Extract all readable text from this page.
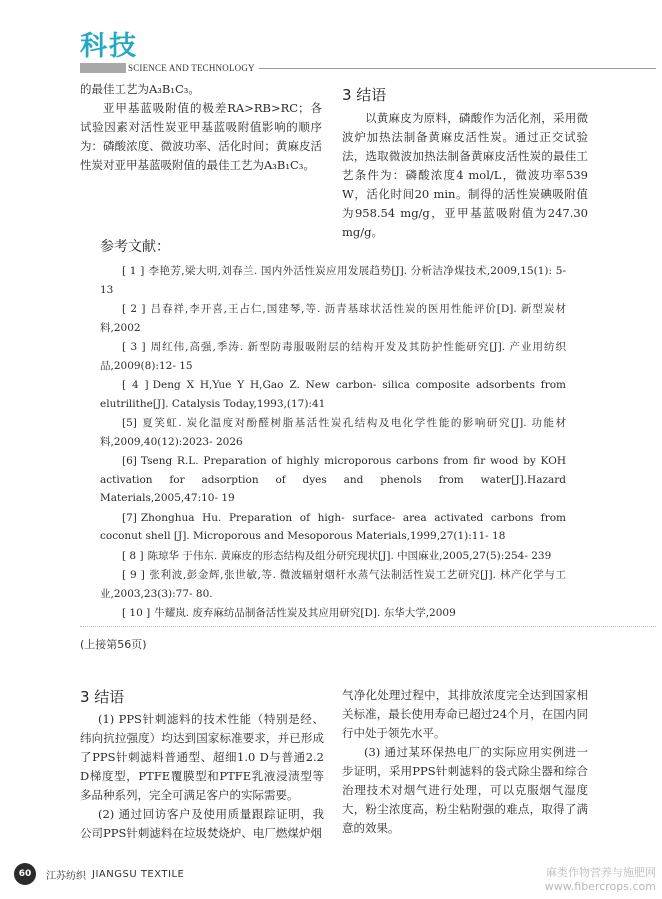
科技
SCIENCE AND TECHNOLOGY

的最佳工艺为A₃B₁C₃。

亚甲基蓝吸附值的极差RA>RB>RC；各试验因素对活性炭亚甲基蓝吸附值影响的顺序为：磷酸浓度、微波功率、活化时间；黄麻皮活性炭对亚甲基蓝吸附值的最佳工艺为A₃B₁C₃。

3 结语

以黄麻皮为原料，磷酸作为活化剂，采用微波炉加热法制备黄麻皮活性炭。通过正交试验法，选取微波加热法制备黄麻皮活性炭的最佳工艺条件为：磷酸浓度4 mol/L，微波功率539 W，活化时间20 min。制得的活性炭碘吸附值为958.54 mg/g，亚甲基蓝吸附值为247.30 mg/g。

参考文献：
[ 1 ] 李艳芳,梁大明,刘春兰. 国内外活性炭应用发展趋势[J]. 分析洁净煤技术,2009,15(1): 5- 13
[ 2 ] 吕春祥,李开喜,王占仁,国建琴,等. 沥青基球状活性炭的医用性能评价[D]. 新型炭材料,2002
[ 3 ] 周红伟,高强,季涛. 新型防毒服吸附层的结构开发及其防护性能研究[J]. 产业用纺织品,2009(8):12- 15
[ 4 ] Deng X H,Yue Y H,Gao Z. New carbon- silica composite adsorbents from elutrilithe[J]. Catalysis Today,1993,(17):41
[5] 夏笑虹. 炭化温度对酚醛树脂基活性炭孔结构及电化学性能的影响研究[J]. 功能材料,2009,40(12):2023- 2026
[6] Tseng R.L. Preparation of highly microporous carbons from fir wood by KOH activation for adsorption of dyes and phenols from water[J].Hazard Materials,2005,47:10- 19
[7] Zhonghua Hu. Preparation of high- surface- area activated carbons from coconut shell [J]. Microporous and Mesoporous Materials,1999,27(1):11- 18
[ 8 ] 陈琼华 于伟东. 黄麻皮的形态结构及组分研究现状[J]. 中国麻业,2005,27(5):254- 239
[ 9 ] 张利波,彭金辉,张世敏,等. 微波辐射烟杆水蒸气法制活性炭工艺研究[J]. 林产化学与工业,2003,23(3):77- 80.
[ 10 ] 牛耀岚. 废弃麻纺品制备活性炭及其应用研究[D]. 东华大学,2009
(上接第56页)
3 结语

(1) PPS针刺滤料的技术性能（特别是经、纬向抗拉强度）均达到国家标准要求，并已形成了PPS针刺滤料普通型、超细1.0 D与普通2.2 D梯度型，PTFE覆膜型和PTFE乳液浸渍型等多品种系列，完全可满足客户的实际需要。

(2) 通过回访客户及使用质量跟踪证明，我公司PPS针刺滤料在垃圾焚烧炉、电厂燃煤炉烟

气净化处理过程中，其排放浓度完全达到国家相关标准，最长使用寿命已超过24个月，在国内同行中处于领先水平。

(3) 通过某环保热电厂的实际应用实例进一步证明，采用PPS针刺滤料的袋式除尘器和综合治理技术对烟气进行处理，可以克服烟气湿度大，粉尘浓度高，粉尘粘附强的难点，取得了满意的效果。

60	江苏纺织 JIANGSU TEXTILE	麻类作物营养与施肥网
www.fibercrops.com
